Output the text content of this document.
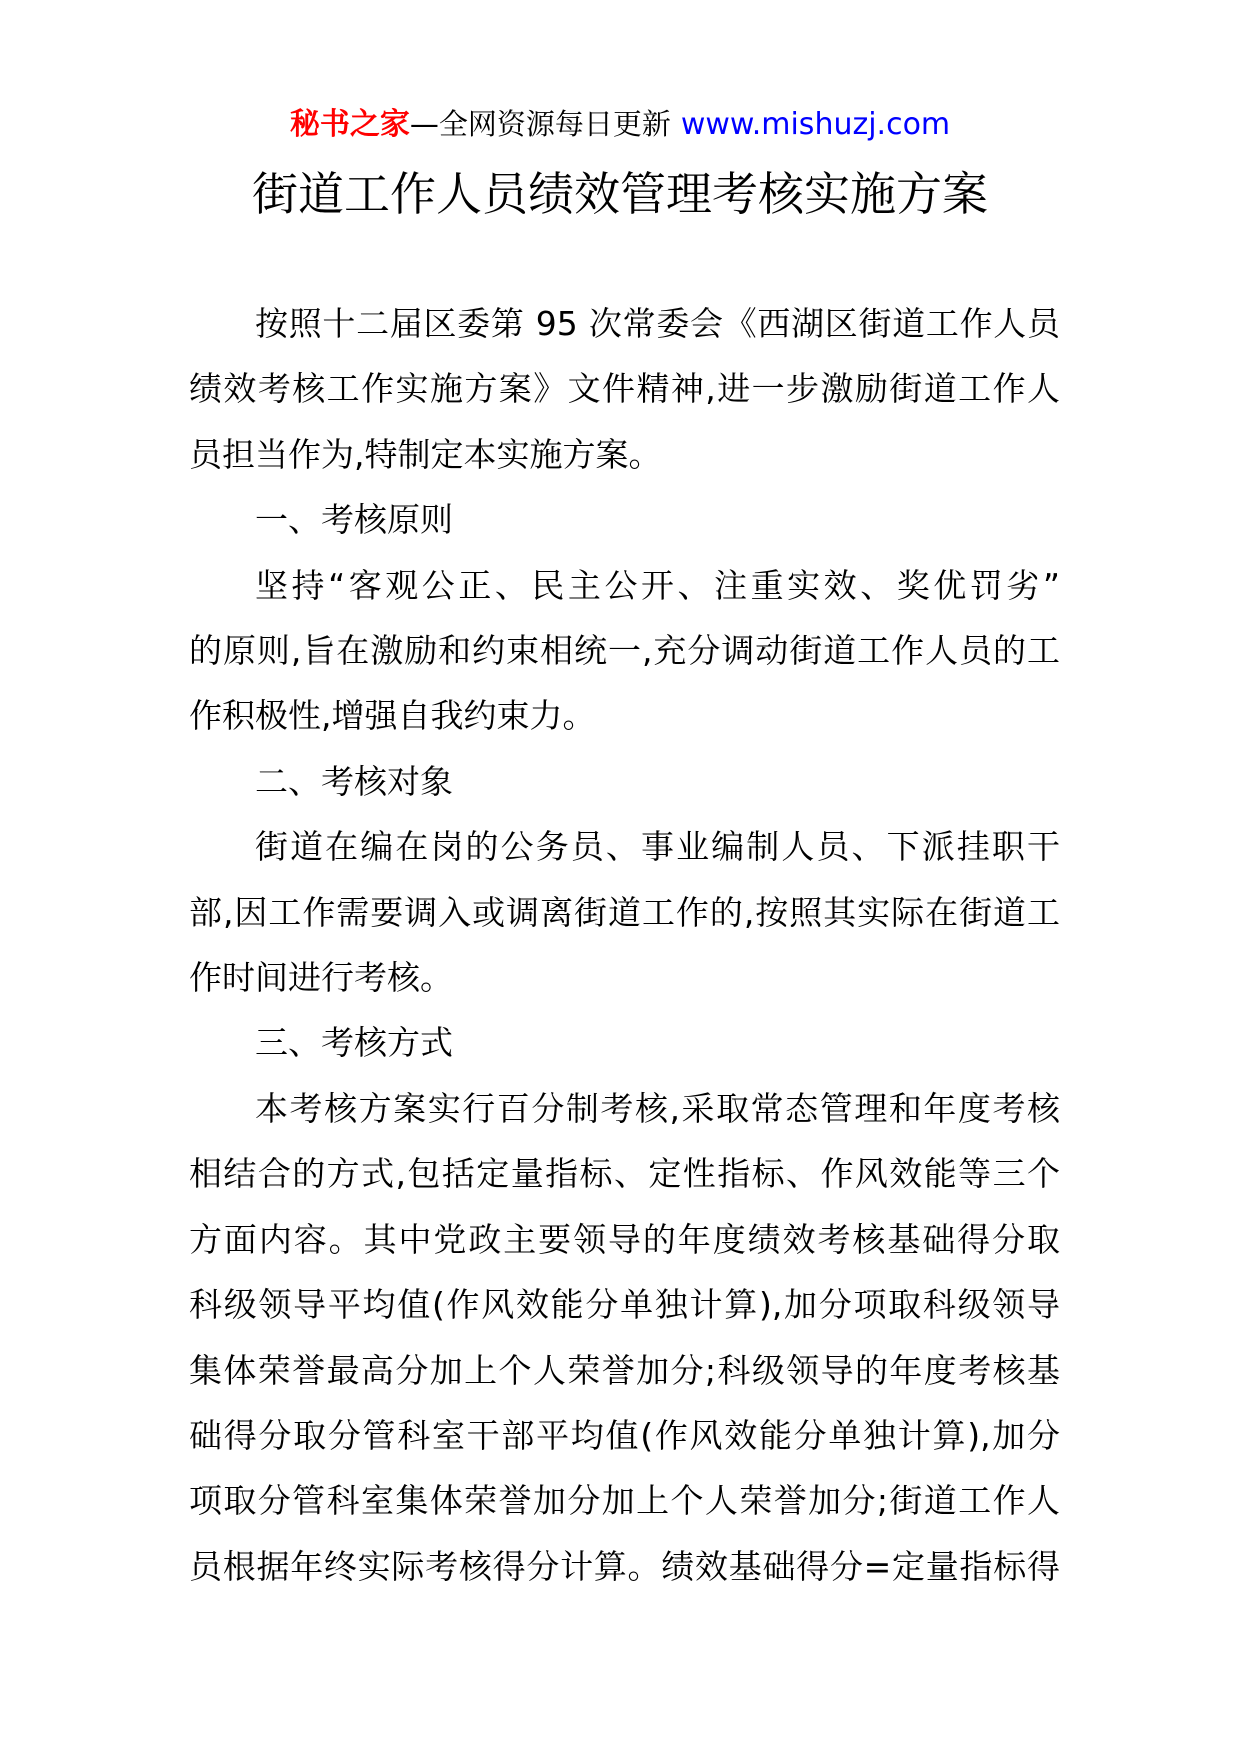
秘书之家—全网资源每日更新 www.mishuzj.com
街道工作人员绩效管理考核实施方案
按照十二届区委第 95 次常委会《西湖区街道工作人员
绩效考核工作实施方案》文件精神,进一步激励街道工作人
员担当作为,特制定本实施方案。
一、考核原则
坚持“客观公正、民主公开、注重实效、奖优罚劣”
的原则,旨在激励和约束相统一,充分调动街道工作人员的工
作积极性,增强自我约束力。
二、考核对象
街道在编在岗的公务员、事业编制人员、下派挂职干
部,因工作需要调入或调离街道工作的,按照其实际在街道工
作时间进行考核。
三、考核方式
本考核方案实行百分制考核,采取常态管理和年度考核
相结合的方式,包括定量指标、定性指标、作风效能等三个
方面内容。其中党政主要领导的年度绩效考核基础得分取
科级领导平均值(作风效能分单独计算),加分项取科级领导
集体荣誉最高分加上个人荣誉加分;科级领导的年度考核基
础得分取分管科室干部平均值(作风效能分单独计算),加分
项取分管科室集体荣誉加分加上个人荣誉加分;街道工作人
员根据年终实际考核得分计算。绩效基础得分=定量指标得
